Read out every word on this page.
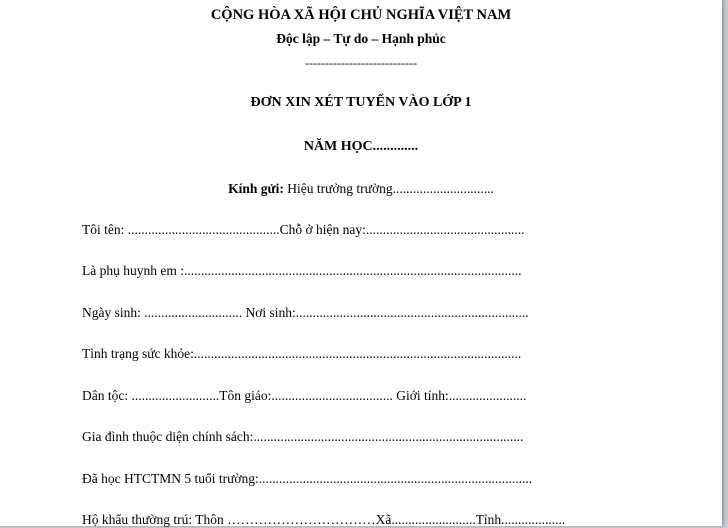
CỘNG HÒA XÃ HỘI CHỦ NGHĨA VIỆT NAM
Độc lập – Tự do – Hạnh phúc
----------------------------
ĐƠN XIN XÉT TUYỂN VÀO LỚP 1
NĂM HỌC.............
Kính gửi: Hiệu trưởng trường..............................
Tôi tên: .............................................Chỗ ở hiện nay:...............................................
Là phụ huynh em :....................................................................................................
Ngày sinh: ............................. Nơi sinh:.....................................................................
Tình trạng sức khỏe:.................................................................................................
Dân tộc: ..........................Tôn giáo:.................................... Giới tính:.......................
Gia đình thuộc diện chính sách:................................................................................
Đã học HTCTMN 5 tuổi trường:.................................................................................
Hộ khẩu thường trú: Thôn ……………………………Xã.........................Tỉnh...................
